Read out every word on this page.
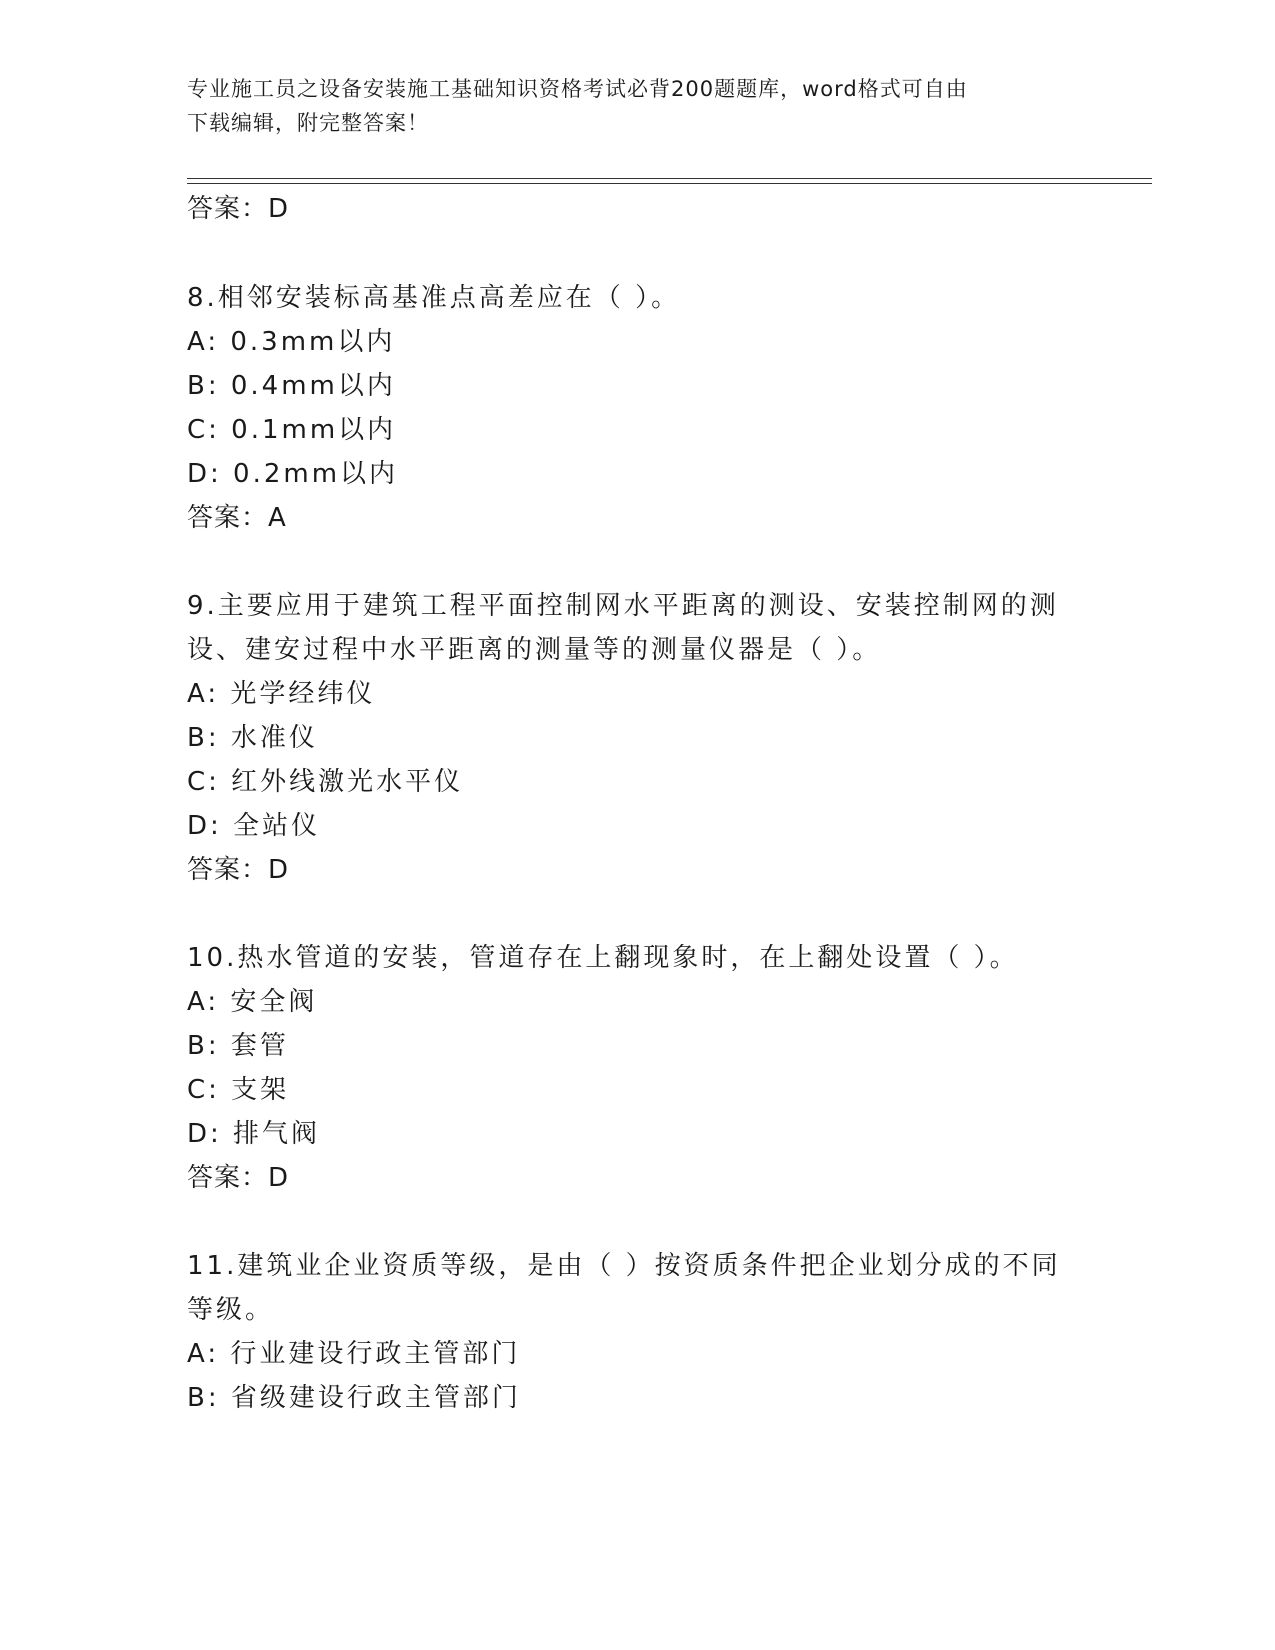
专业施工员之设备安装施工基础知识资格考试必背200题题库，word格式可自由
下载编辑，附完整答案！
答案：D
8.相邻安装标高基准点高差应在（ ）。
A: 0.3mm以内
B: 0.4mm以内
C: 0.1mm以内
D: 0.2mm以内
答案：A
9.主要应用于建筑工程平面控制网水平距离的测设、安装控制网的测
设、建安过程中水平距离的测量等的测量仪器是（ ）。
A: 光学经纬仪
B: 水准仪
C: 红外线激光水平仪
D: 全站仪
答案：D
10.热水管道的安装，管道存在上翻现象时，在上翻处设置（ ）。
A: 安全阀
B: 套管
C: 支架
D: 排气阀
答案：D
11.建筑业企业资质等级，是由（ ）按资质条件把企业划分成的不同
等级。
A: 行业建设行政主管部门
B: 省级建设行政主管部门
